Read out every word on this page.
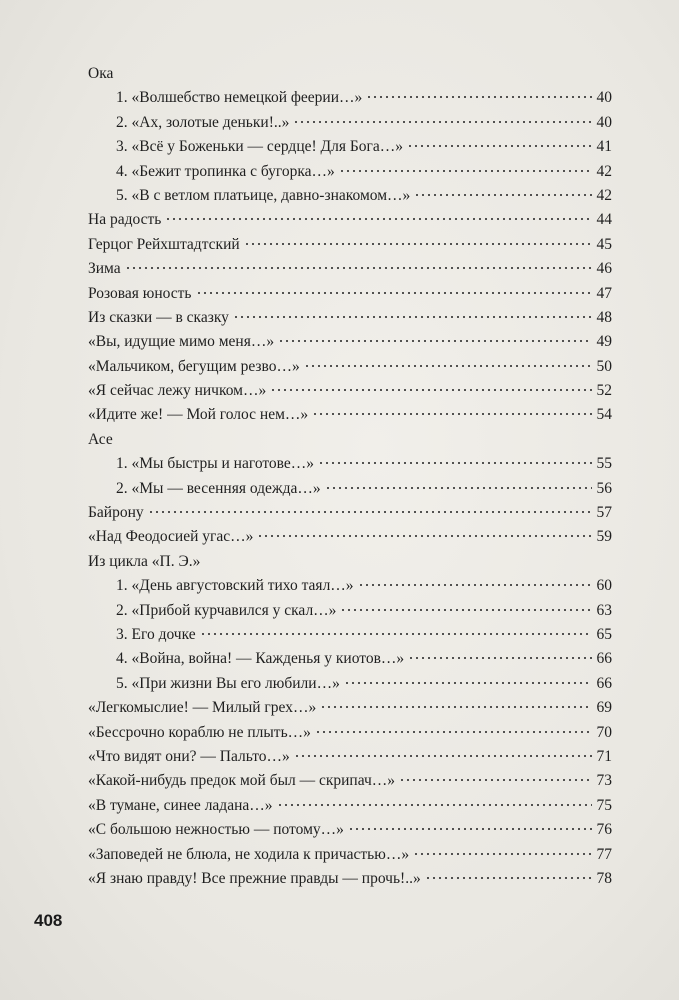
Ока
1. «Волшебство немецкой феерии…»	40
2. «Ах, золотые деньки!..»	40
3. «Всё у Боженьки — сердце! Для Бога…»	41
4. «Бежит тропинка с бугорка…»	42
5. «В с ветлом платьице, давно-знакомом…»	42
На радость	44
Герцог Рейхштадтский	45
Зима	46
Розовая юность	47
Из сказки — в сказку	48
«Вы, идущие мимо меня…»	49
«Мальчиком, бегущим резво…»	50
«Я сейчас лежу ничком…»	52
«Идите же! — Мой голос нем…»	54
Асе
1. «Мы быстры и наготове…»	55
2. «Мы — весенняя одежда…»	56
Байрону	57
«Над Феодосией угас…»	59
Из цикла «П. Э.»
1. «День августовский тихо таял…»	60
2. «Прибой курчавился у скал…»	63
3. Его дочке	65
4. «Война, война! — Кажденья у киотов…»	66
5. «При жизни Вы его любили…»	66
«Легкомыслие! — Милый грех…»	69
«Бессрочно кораблю не плыть…»	70
«Что видят они? — Пальто…»	71
«Какой-нибудь предок мой был — скрипач…»	73
«В тумане, синее ладана…»	75
«С большою нежностью — потому…»	76
«Заповедей не блюла, не ходила к причастью…»	77
«Я знаю правду! Все прежние правды — прочь!..»	78
408
